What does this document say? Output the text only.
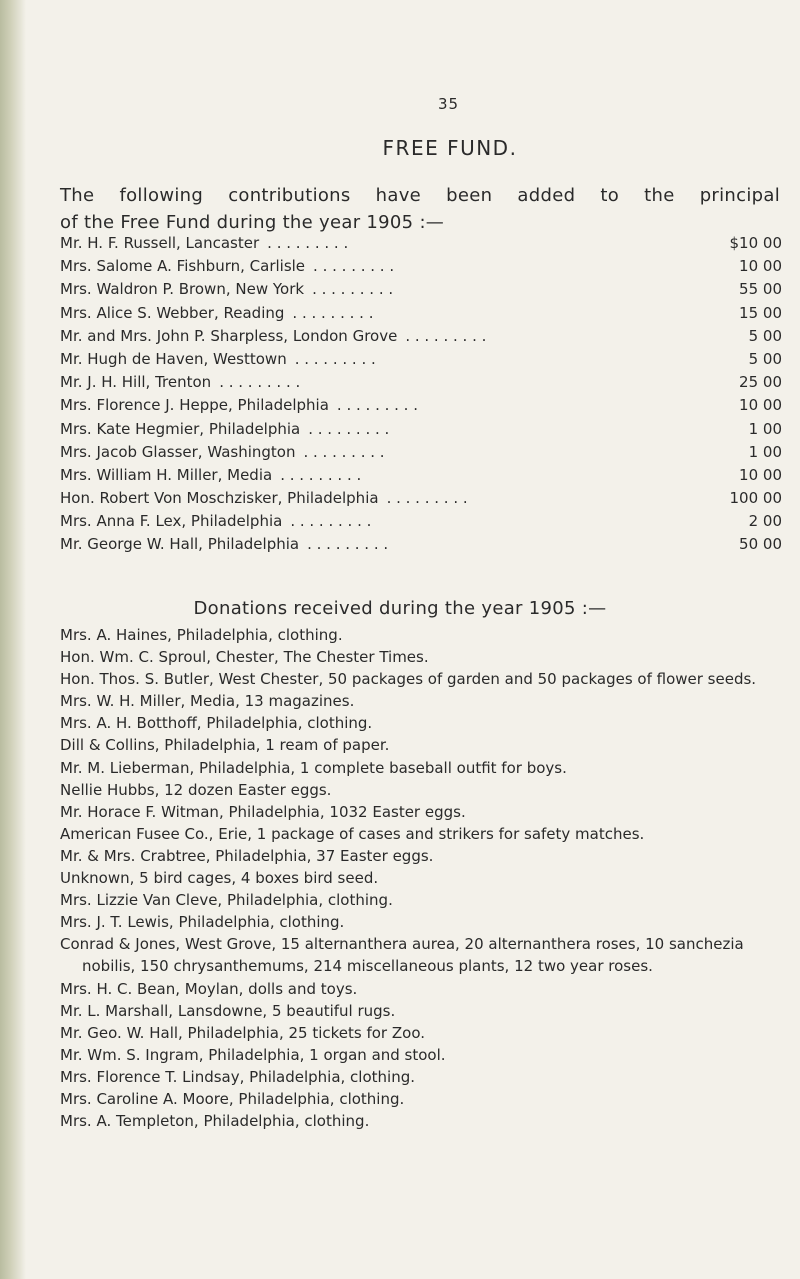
35
FREE FUND.
The following contributions have been added to the principal
of the Free Fund during the year 1905 :—
Mr. H. F. Russell, Lancaster . . . . . . . . .	$10 00
Mrs. Salome A. Fishburn, Carlisle . . . . . . . . .	10 00
Mrs. Waldron P. Brown, New York . . . . . . . . .	55 00
Mrs. Alice S. Webber, Reading . . . . . . . . .	15 00
Mr. and Mrs. John P. Sharpless, London Grove . . . . . . . . .	5 00
Mr. Hugh de Haven, Westtown . . . . . . . . .	5 00
Mr. J. H. Hill, Trenton . . . . . . . . .	25 00
Mrs. Florence J. Heppe, Philadelphia . . . . . . . . .	10 00
Mrs. Kate Hegmier, Philadelphia . . . . . . . . .	1 00
Mrs. Jacob Glasser, Washington . . . . . . . . .	1 00
Mrs. William H. Miller, Media . . . . . . . . .	10 00
Hon. Robert Von Moschzisker, Philadelphia . . . . . . . . .	100 00
Mrs. Anna F. Lex, Philadelphia . . . . . . . . .	2 00
Mr. George W. Hall, Philadelphia . . . . . . . . .	50 00
Donations received during the year 1905 :—
Mrs. A. Haines, Philadelphia, clothing.
Hon. Wm. C. Sproul, Chester, The Chester Times.
Hon. Thos. S. Butler, West Chester, 50 packages of garden and 50 packages of flower seeds.
Mrs. W. H. Miller, Media, 13 magazines.
Mrs. A. H. Botthoff, Philadelphia, clothing.
Dill & Collins, Philadelphia, 1 ream of paper.
Mr. M. Lieberman, Philadelphia, 1 complete baseball outfit for boys.
Nellie Hubbs, 12 dozen Easter eggs.
Mr. Horace F. Witman, Philadelphia, 1032 Easter eggs.
American Fusee Co., Erie, 1 package of cases and strikers for safety matches.
Mr. & Mrs. Crabtree, Philadelphia, 37 Easter eggs.
Unknown, 5 bird cages, 4 boxes bird seed.
Mrs. Lizzie Van Cleve, Philadelphia, clothing.
Mrs. J. T. Lewis, Philadelphia, clothing.
Conrad & Jones, West Grove, 15 alternanthera aurea, 20 alternanthera roses, 10 sanchezia nobilis, 150 chrysanthemums, 214 miscellaneous plants, 12 two year roses.
Mrs. H. C. Bean, Moylan, dolls and toys.
Mr. L. Marshall, Lansdowne, 5 beautiful rugs.
Mr. Geo. W. Hall, Philadelphia, 25 tickets for Zoo.
Mr. Wm. S. Ingram, Philadelphia, 1 organ and stool.
Mrs. Florence T. Lindsay, Philadelphia, clothing.
Mrs. Caroline A. Moore, Philadelphia, clothing.
Mrs. A. Templeton, Philadelphia, clothing.
